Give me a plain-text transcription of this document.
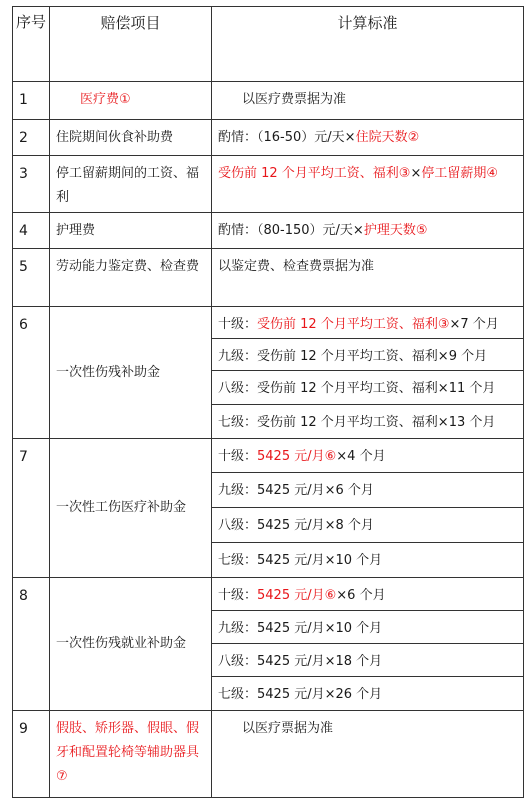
序号	赔偿项目	计算标准
1	医疗费①	以医疗费票据为准
2	住院期间伙食补助费	酌情：（16-50）元/天×住院天数②
3	停工留薪期间的工资、福利	受伤前 12 个月平均工资、福利③×停工留薪期④
4	护理费	酌情：（80-150）元/天×护理天数⑤
5	劳动能力鉴定费、检查费	以鉴定费、检查费票据为准
6	一次性伤残补助金	十级：受伤前 12 个月平均工资、福利③×7 个月
		九级：受伤前 12 个月平均工资、福利×9 个月
		八级：受伤前 12 个月平均工资、福利×11 个月
		七级：受伤前 12 个月平均工资、福利×13 个月
7	一次性工伤医疗补助金	十级：5425 元/月⑥×4 个月
		九级：5425 元/月×6 个月
		八级：5425 元/月×8 个月
		七级：5425 元/月×10 个月
8	一次性伤残就业补助金	十级：5425 元/月⑥×6 个月
		九级：5425 元/月×10 个月
		八级：5425 元/月×18 个月
		七级：5425 元/月×26 个月
9	假肢、矫形器、假眼、假牙和配置轮椅等辅助器具⑦	以医疗票据为准
